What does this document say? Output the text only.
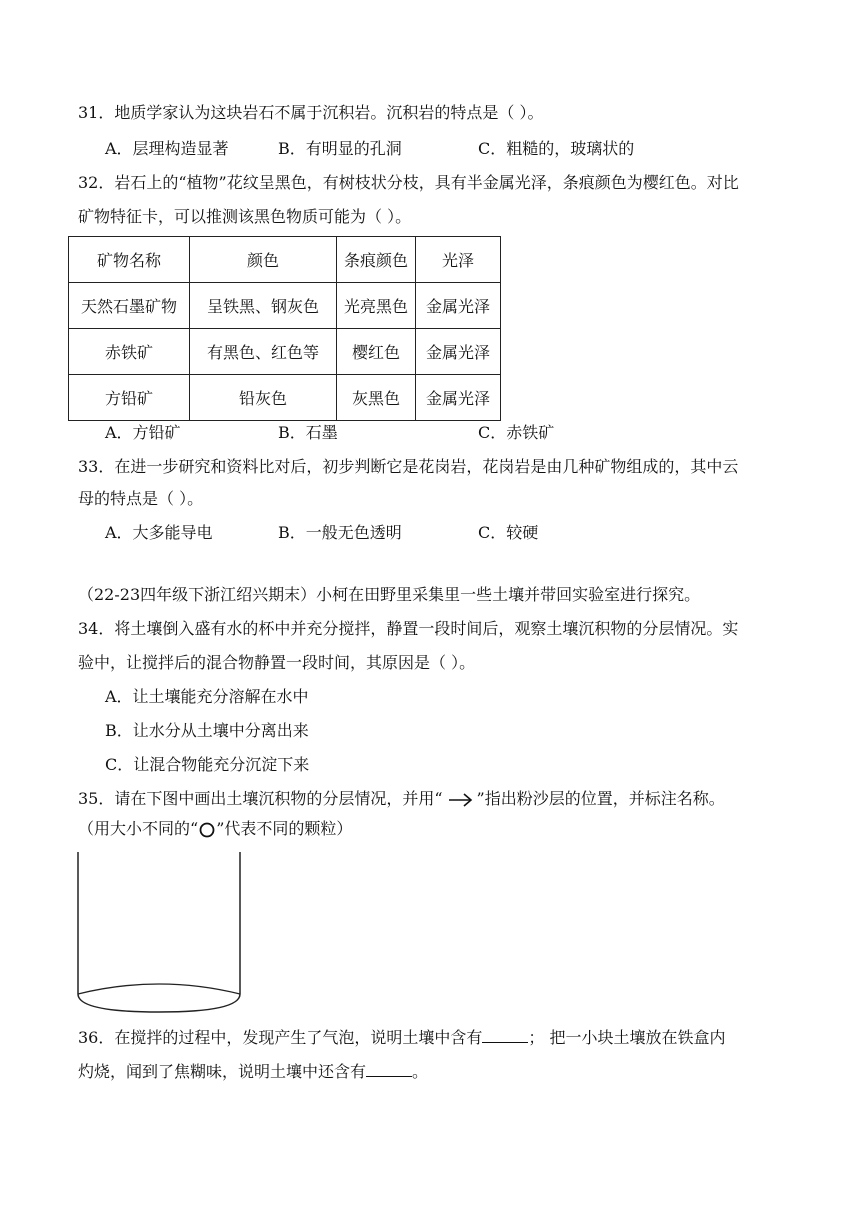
31．地质学家认为这块岩石不属于沉积岩。沉积岩的特点是（ ）。
A．层理构造显著	B．有明显的孔洞	C．粗糙的，玻璃状的
32．岩石上的“植物”花纹呈黑色，有树枝状分枝，具有半金属光泽，条痕颜色为樱红色。对比
矿物特征卡，可以推测该黑色物质可能为（ ）。
矿物名称	颜色	条痕颜色	光泽
天然石墨矿物	呈铁黑、钢灰色	光亮黑色	金属光泽
赤铁矿	有黑色、红色等	樱红色	金属光泽
方铅矿	铅灰色	灰黑色	金属光泽
A．方铅矿	B．石墨	C．赤铁矿
33．在进一步研究和资料比对后，初步判断它是花岗岩，花岗岩是由几种矿物组成的，其中云
母的特点是（ ）。
A．大多能导电	B．一般无色透明	C．较硬
（22-23四年级下浙江绍兴期末）小柯在田野里采集里一些土壤并带回实验室进行探究。
34．将土壤倒入盛有水的杯中并充分搅拌，静置一段时间后，观察土壤沉积物的分层情况。实
验中，让搅拌后的混合物静置一段时间，其原因是（ ）。
A．让土壤能充分溶解在水中
B．让水分从土壤中分离出来
C．让混合物能充分沉淀下来
35．请在下图中画出土壤沉积物的分层情况，并用“ ”指出粉沙层的位置，并标注名称。
（用大小不同的“ ”代表不同的颗粒）
36．在搅拌的过程中，发现产生了气泡，说明土壤中含有	； 把一小块土壤放在铁盒内
灼烧，闻到了焦糊味，说明土壤中还含有	。
